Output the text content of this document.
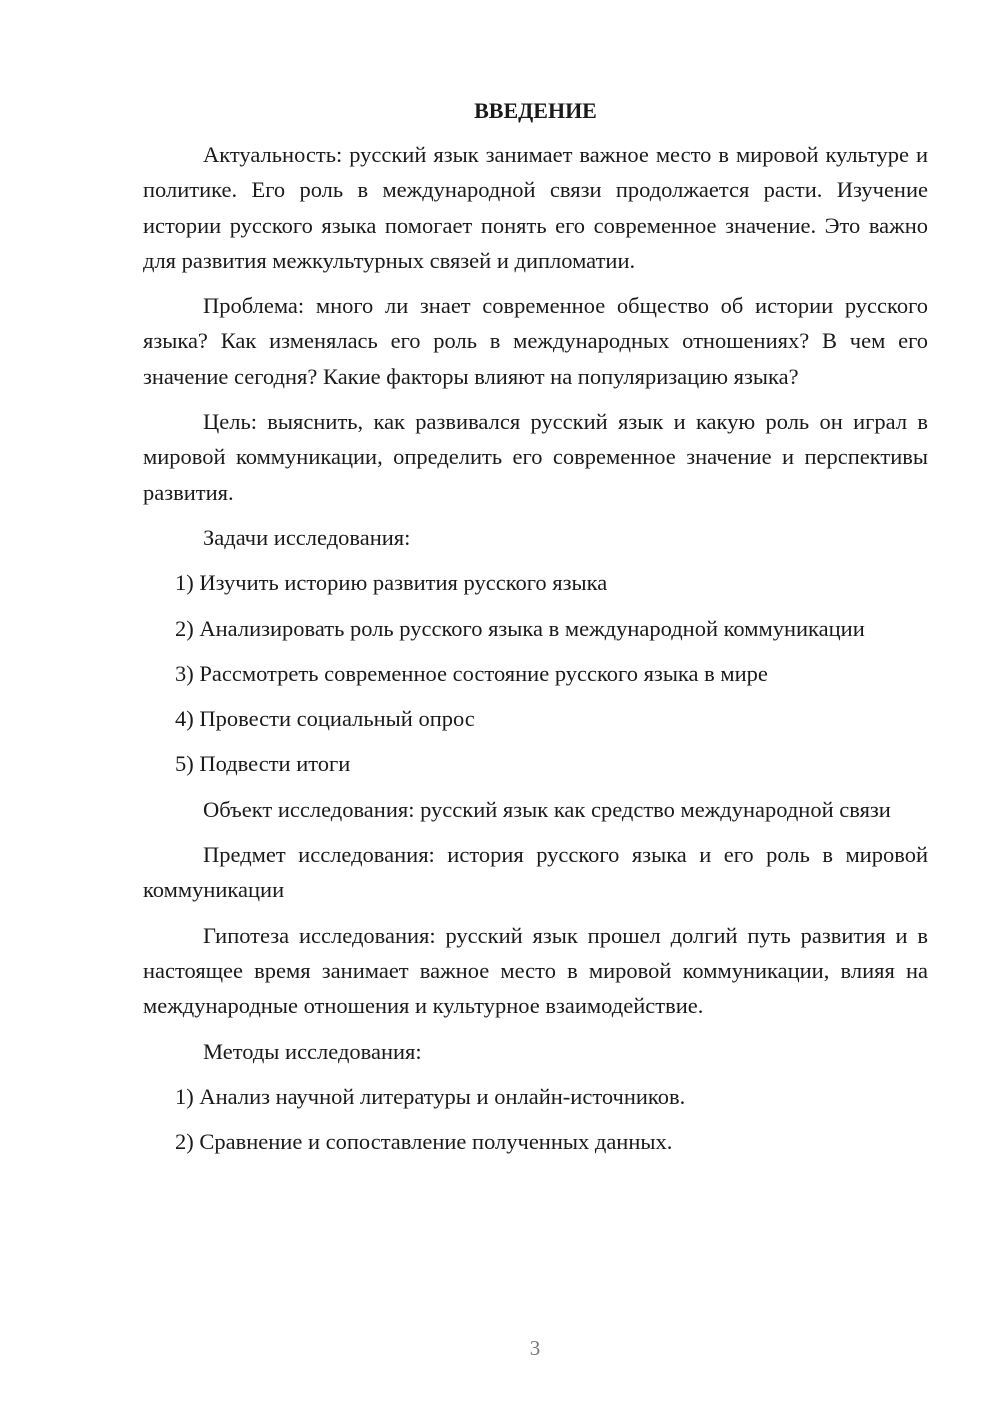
ВВЕДЕНИЕ

Актуальность: русский язык занимает важное место в мировой культуре и политике. Его роль в международной связи продолжается расти. Изучение истории русского языка помогает понять его современное значение. Это важно для развития межкультурных связей и дипломатии.

Проблема: много ли знает современное общество об истории русского языка? Как изменялась его роль в международных отношениях? В чем его значение сегодня? Какие факторы влияют на популяризацию языка?

Цель: выяснить, как развивался русский язык и какую роль он играл в мировой коммуникации, определить его современное значение и перспективы развития.

Задачи исследования:

1) Изучить историю развития русского языка

2) Анализировать роль русского языка в международной коммуникации

3) Рассмотреть современное состояние русского языка в мире

4) Провести социальный опрос

5) Подвести итоги

Объект исследования: русский язык как средство международной связи

Предмет исследования: история русского языка и его роль в мировой коммуникации

Гипотеза исследования: русский язык прошел долгий путь развития и в настоящее время занимает важное место в мировой коммуникации, влияя на международные отношения и культурное взаимодействие.

Методы исследования:

1) Анализ научной литературы и онлайн-источников.

2) Сравнение и сопоставление полученных данных.

3
